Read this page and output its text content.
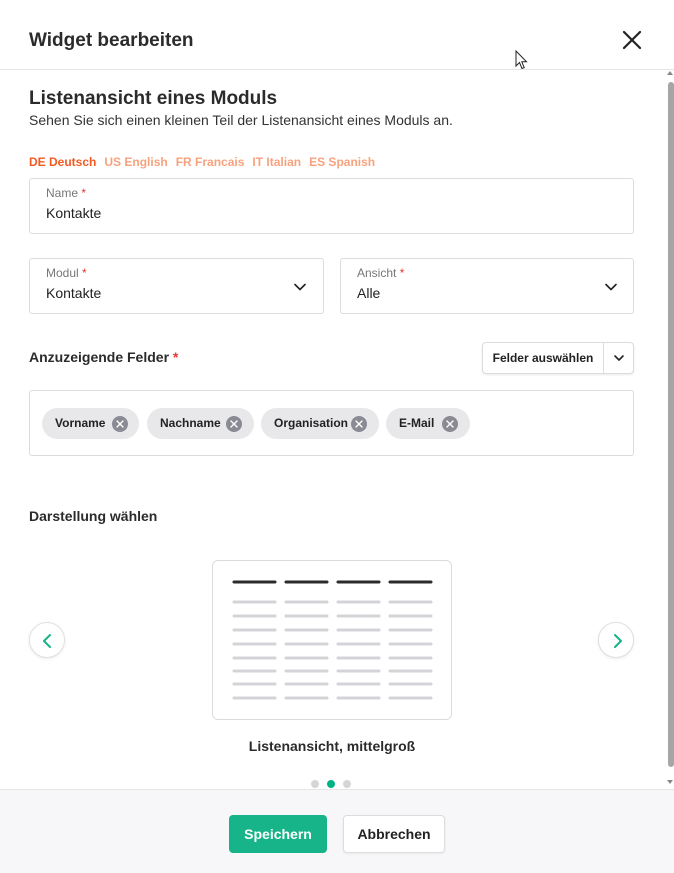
Widget bearbeiten
Listenansicht eines Moduls
Sehen Sie sich einen kleinen Teil der Listenansicht eines Moduls an.
DE Deutsch US English FR Francais IT Italian ES Spanish
Name *
Kontakte
Modul *
Kontakte
Ansicht *
Alle
Anzuzeigende Felder *	Felder auswählen
Vorname	Nachname	Organisation	E-Mail
Darstellung wählen
Listenansicht, mittelgroß
Speichern	Abbrechen
